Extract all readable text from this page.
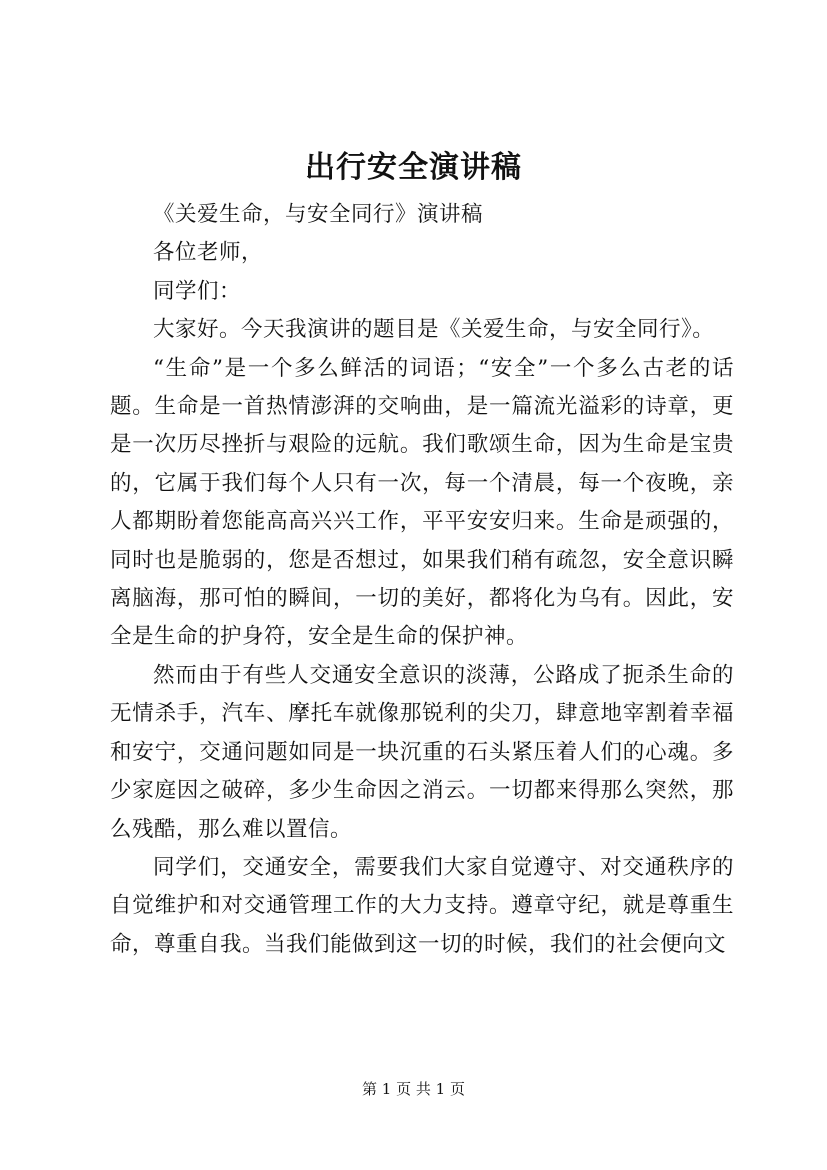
出行安全演讲稿

《关爱生命，与安全同行》演讲稿

各位老师，

同学们：

大家好。今天我演讲的题目是《关爱生命，与安全同行》。

“生命”是一个多么鲜活的词语；“安全”一个多么古老的话题。生命是一首热情澎湃的交响曲，是一篇流光溢彩的诗章，更是一次历尽挫折与艰险的远航。我们歌颂生命，因为生命是宝贵的，它属于我们每个人只有一次，每一个清晨，每一个夜晚，亲人都期盼着您能高高兴兴工作，平平安安归来。生命是顽强的，同时也是脆弱的，您是否想过，如果我们稍有疏忽，安全意识瞬离脑海，那可怕的瞬间，一切的美好，都将化为乌有。因此，安全是生命的护身符，安全是生命的保护神。

然而由于有些人交通安全意识的淡薄，公路成了扼杀生命的无情杀手，汽车、摩托车就像那锐利的尖刀，肆意地宰割着幸福和安宁，交通问题如同是一块沉重的石头紧压着人们的心魂。多少家庭因之破碎，多少生命因之消云。一切都来得那么突然，那么残酷，那么难以置信。

同学们，交通安全，需要我们大家自觉遵守、对交通秩序的自觉维护和对交通管理工作的大力支持。遵章守纪，就是尊重生命，尊重自我。当我们能做到这一切的时候，我们的社会便向文

第 1 页 共 1 页
